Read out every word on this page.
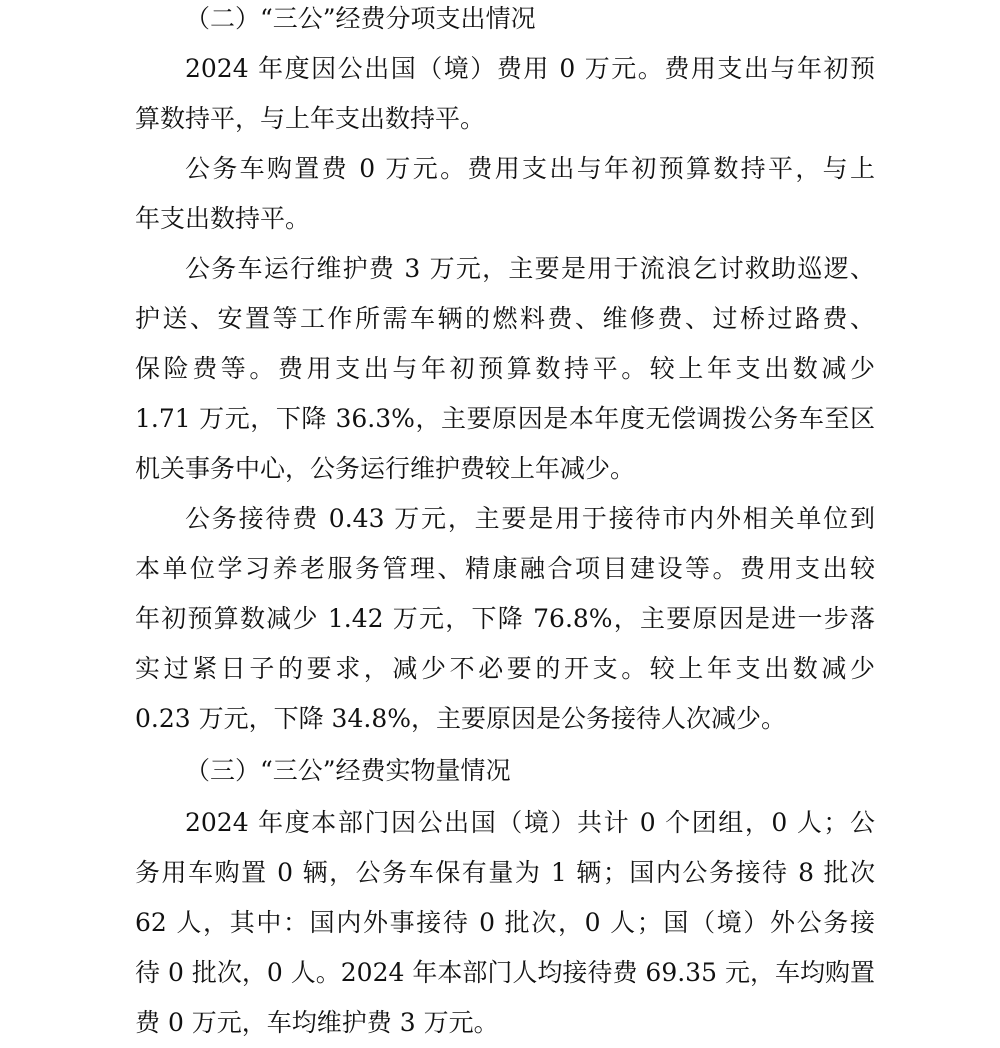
（二）“三公”经费分项支出情况
2024 年度因公出国（境）费用 0 万元。费用支出与年初预
算数持平，与上年支出数持平。
公务车购置费 0 万元。费用支出与年初预算数持平，与上
年支出数持平。
公务车运行维护费 3 万元，主要是用于流浪乞讨救助巡逻、
护送、安置等工作所需车辆的燃料费、维修费、过桥过路费、
保险费等。费用支出与年初预算数持平。较上年支出数减少
1.71 万元，下降 36.3%，主要原因是本年度无偿调拨公务车至区
机关事务中心，公务运行维护费较上年减少。
公务接待费 0.43 万元，主要是用于接待市内外相关单位到
本单位学习养老服务管理、精康融合项目建设等。费用支出较
年初预算数减少 1.42 万元，下降 76.8%，主要原因是进一步落
实过紧日子的要求，减少不必要的开支。较上年支出数减少
0.23 万元，下降 34.8%，主要原因是公务接待人次减少。
（三）“三公”经费实物量情况
2024 年度本部门因公出国（境）共计 0 个团组，0 人；公
务用车购置 0 辆，公务车保有量为 1 辆；国内公务接待 8 批次
62 人，其中：国内外事接待 0 批次，0 人；国（境）外公务接
待 0 批次，0 人。2024 年本部门人均接待费 69.35 元，车均购置
费 0 万元，车均维护费 3 万元。
